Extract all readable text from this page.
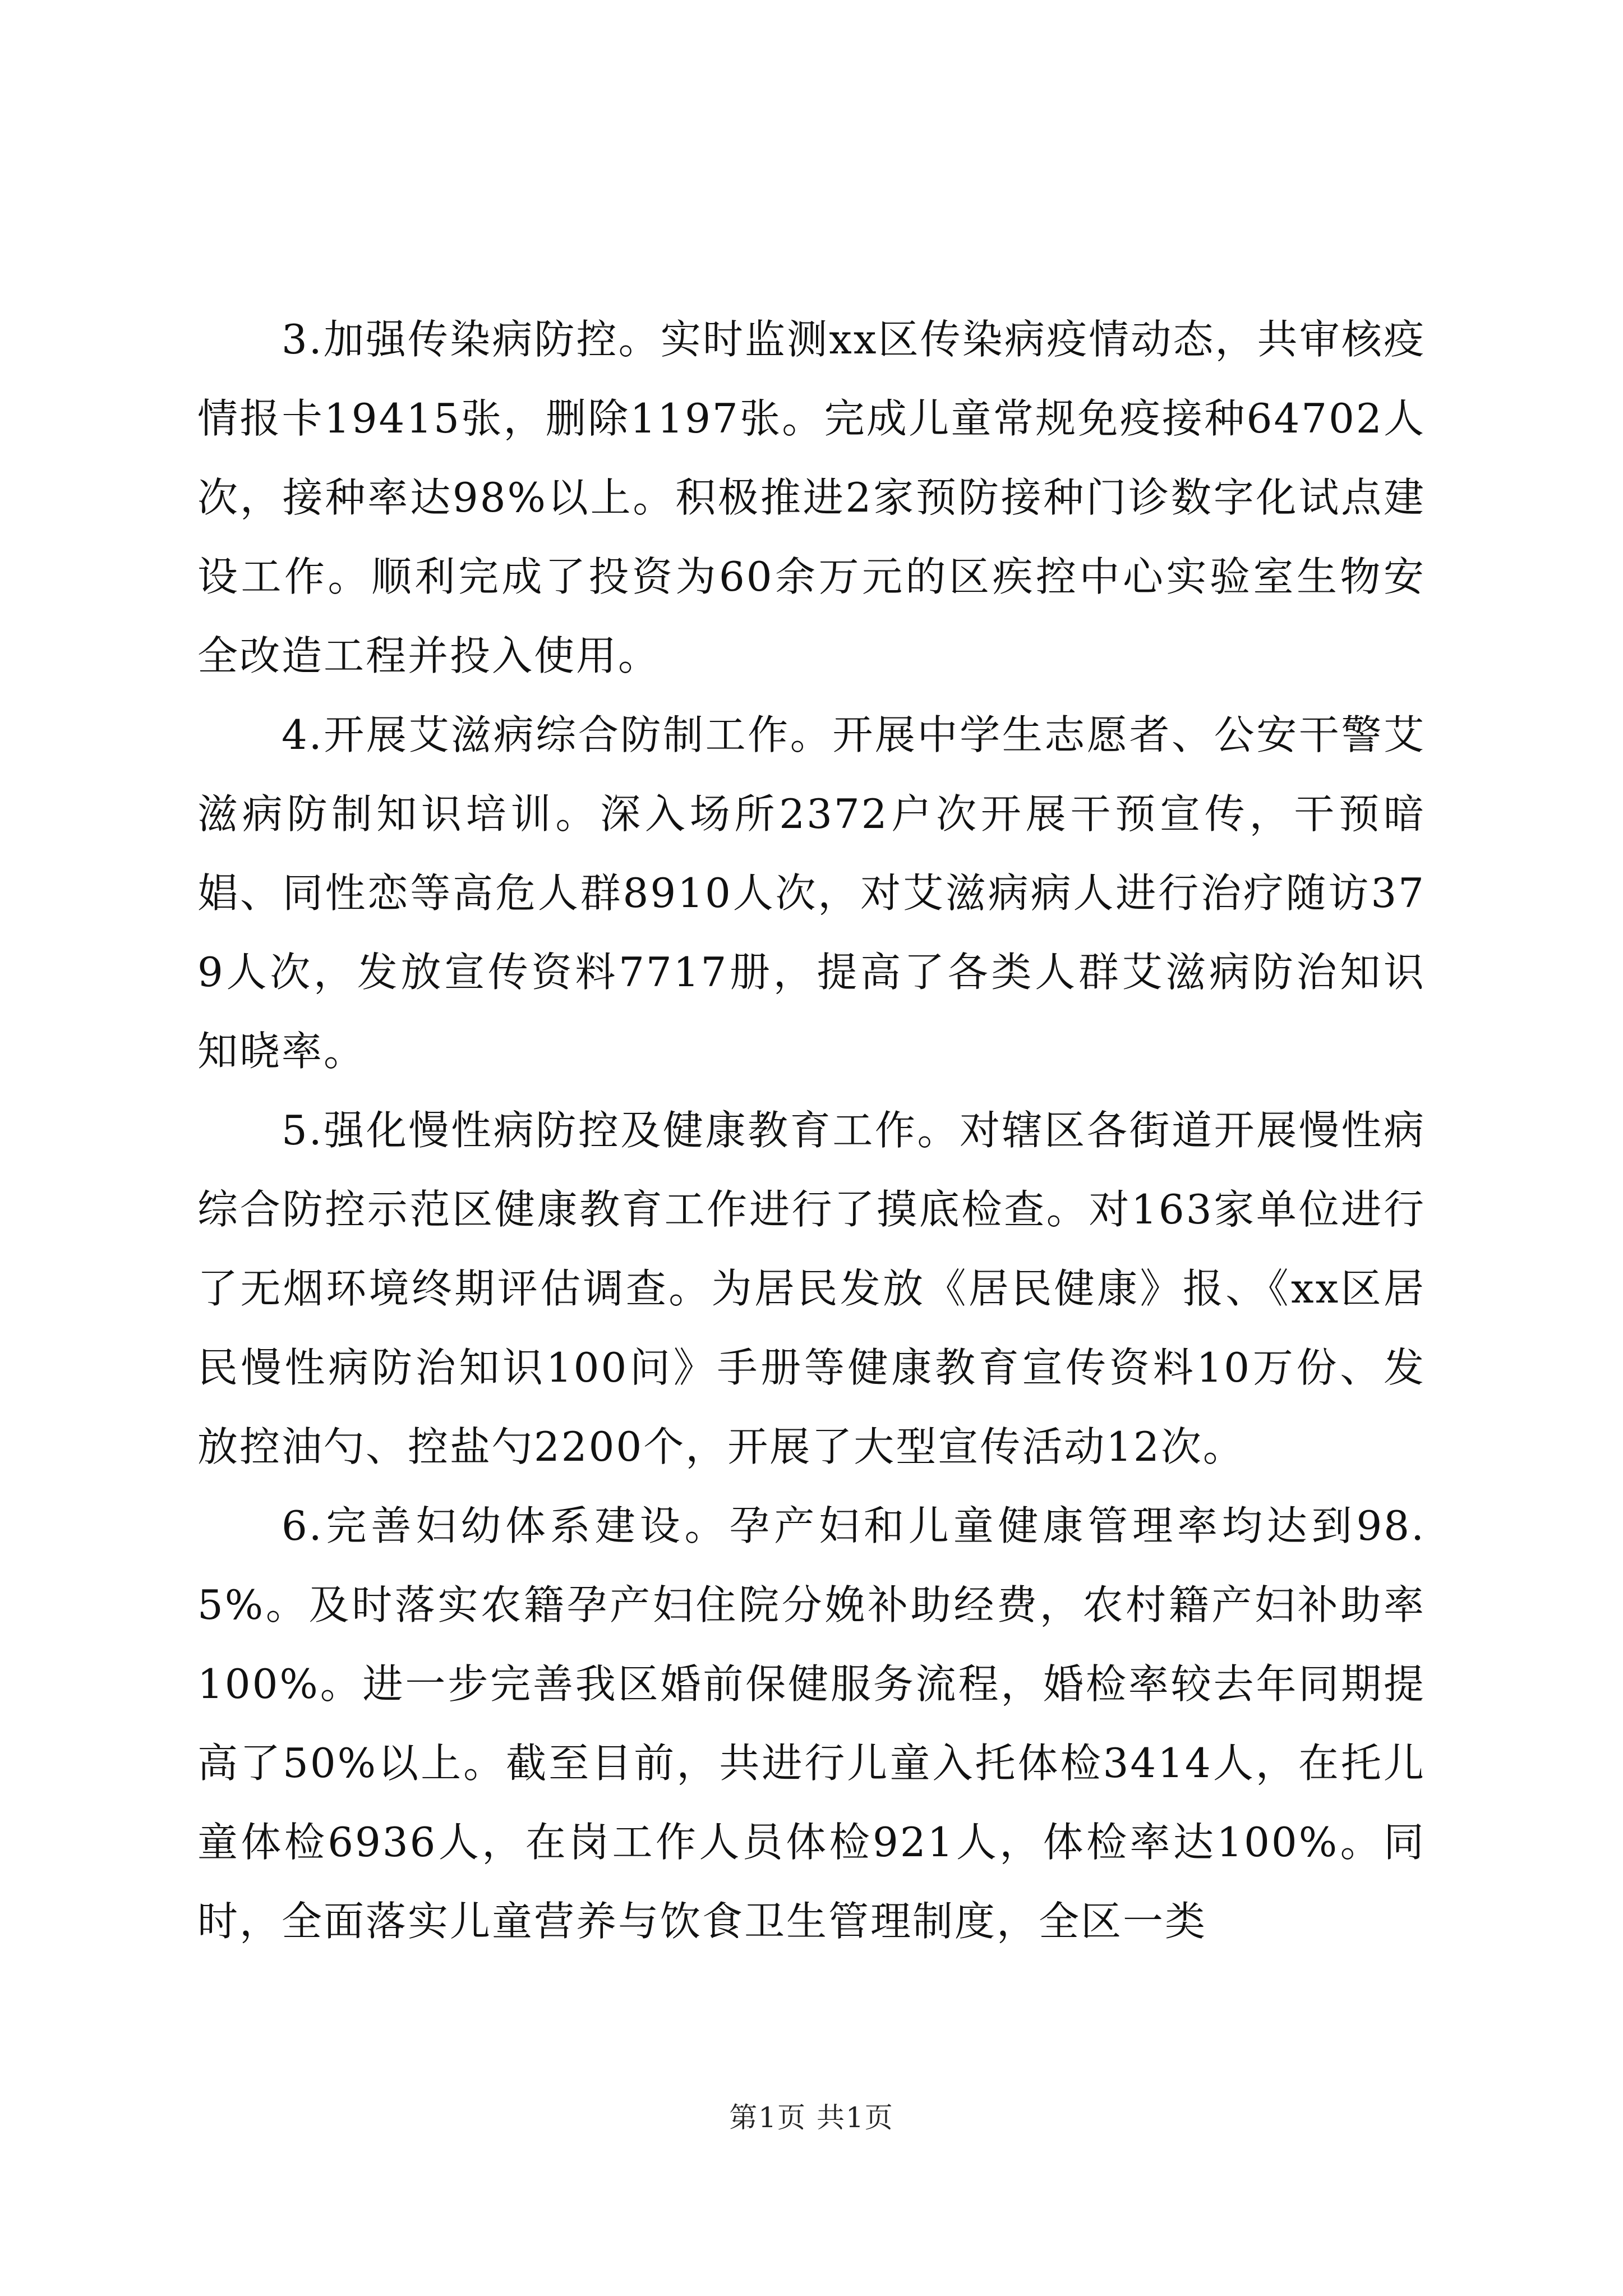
3.加强传染病防控。实时监测xx区传染病疫情动态，共审核疫情报卡19415张，删除1197张。完成儿童常规免疫接种64702人次，接种率达98%以上。积极推进2家预防接种门诊数字化试点建设工作。顺利完成了投资为60余万元的区疾控中心实验室生物安全改造工程并投入使用。

4.开展艾滋病综合防制工作。开展中学生志愿者、公安干警艾滋病防制知识培训。深入场所2372户次开展干预宣传，干预暗娼、同性恋等高危人群8910人次，对艾滋病病人进行治疗随访379人次，发放宣传资料7717册，提高了各类人群艾滋病防治知识知晓率。

5.强化慢性病防控及健康教育工作。对辖区各街道开展慢性病综合防控示范区健康教育工作进行了摸底检查。对163家单位进行了无烟环境终期评估调查。为居民发放《居民健康》报、《xx区居民慢性病防治知识100问》手册等健康教育宣传资料10万份、发放控油勺、控盐勺2200个，开展了大型宣传活动12次。

6.完善妇幼体系建设。孕产妇和儿童健康管理率均达到98.5%。及时落实农籍孕产妇住院分娩补助经费，农村籍产妇补助率100%。进一步完善我区婚前保健服务流程，婚检率较去年同期提高了50%以上。截至目前，共进行儿童入托体检3414人，在托儿童体检6936人，在岗工作人员体检921人，体检率达100%。同时，全面落实儿童营养与饮食卫生管理制度，全区一类

第1页 共1页
